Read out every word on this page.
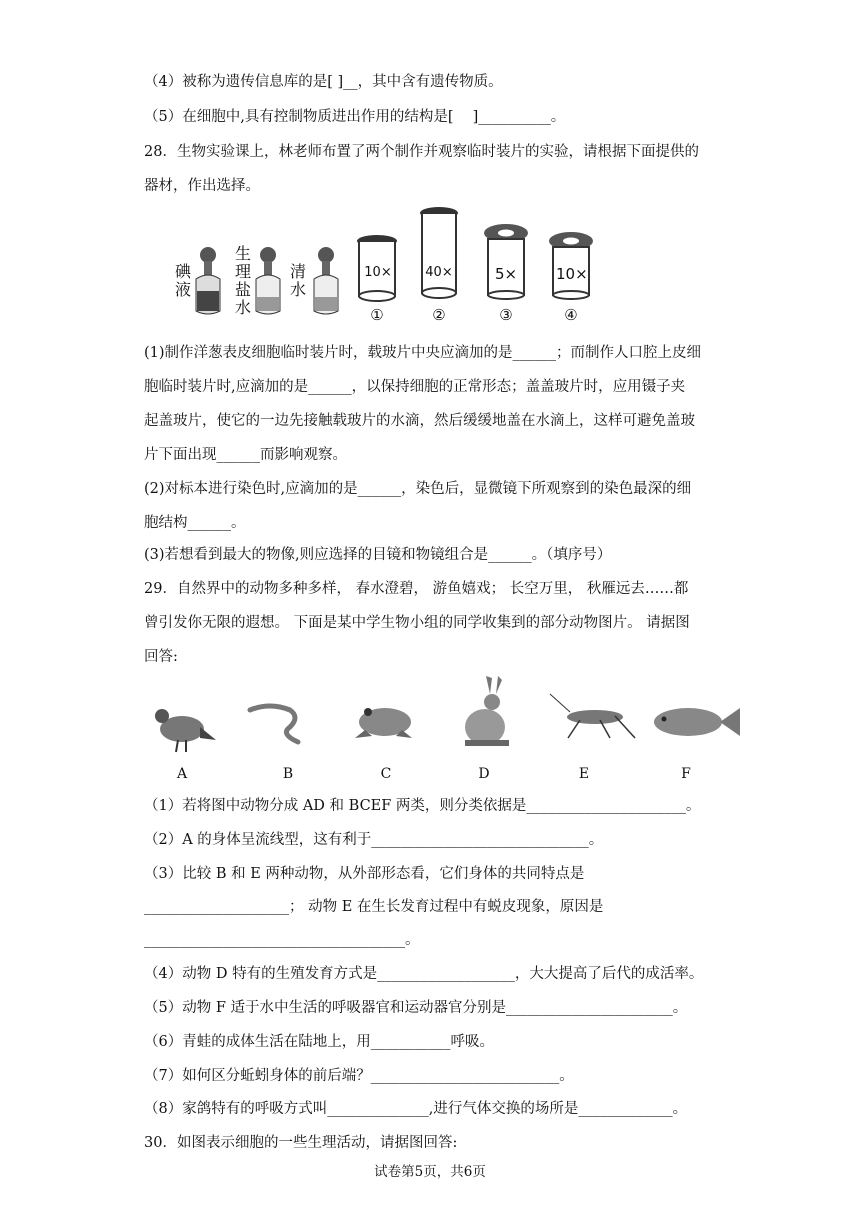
（4）被称为遗传信息库的是[ ]__，其中含有遗传物质。
（5）在细胞中,具有控制物质进出作用的结构是[　 ]__________。
28．生物实验课上，林老师布置了两个制作并观察临时装片的实验，请根据下面提供的
器材，作出选择。
碘
液
生
理
盐
水
清
水
10×	40×	5×	10×
①	②	③	④
(1)制作洋葱表皮细胞临时装片时，载玻片中央应滴加的是______；而制作人口腔上皮细
胞临时装片时,应滴加的是______，以保持细胞的正常形态；盖盖玻片时，应用镊子夹
起盖玻片，使它的一边先接触载玻片的水滴，然后缓缓地盖在水滴上，这样可避免盖玻
片下面出现______而影响观察。
(2)对标本进行染色时,应滴加的是______，染色后，显微镜下所观察到的染色最深的细
胞结构______。
(3)若想看到最大的物像,则应选择的目镜和物镜组合是______。（填序号）
29．自然界中的动物多种多样， 春水澄碧， 游鱼嬉戏； 长空万里， 秋雁远去……都
曾引发你无限的遐想。 下面是某中学生物小组的同学收集到的部分动物图片。 请据图
回答:
A	B	C	D	E	F
（1）若将图中动物分成 AD 和 BCEF 两类，则分类依据是______________________。
（2）A 的身体呈流线型，这有利于______________________________。
（3）比较 B 和 E 两种动物，从外部形态看，它们身体的共同特点是
____________________； 动物 E 在生长发育过程中有蜕皮现象，原因是
____________________________________。
（4）动物 D 特有的生殖发育方式是___________________，大大提高了后代的成活率。
（5）动物 F 适于水中生活的呼吸器官和运动器官分别是_______________________。
（6）青蛙的成体生活在陆地上，用___________呼吸。
（7）如何区分蚯蚓身体的前后端？__________________________。
（8）家鸽特有的呼吸方式叫______________,进行气体交换的场所是_____________。
30．如图表示细胞的一些生理活动，请据图回答:
试卷第5页，共6页
